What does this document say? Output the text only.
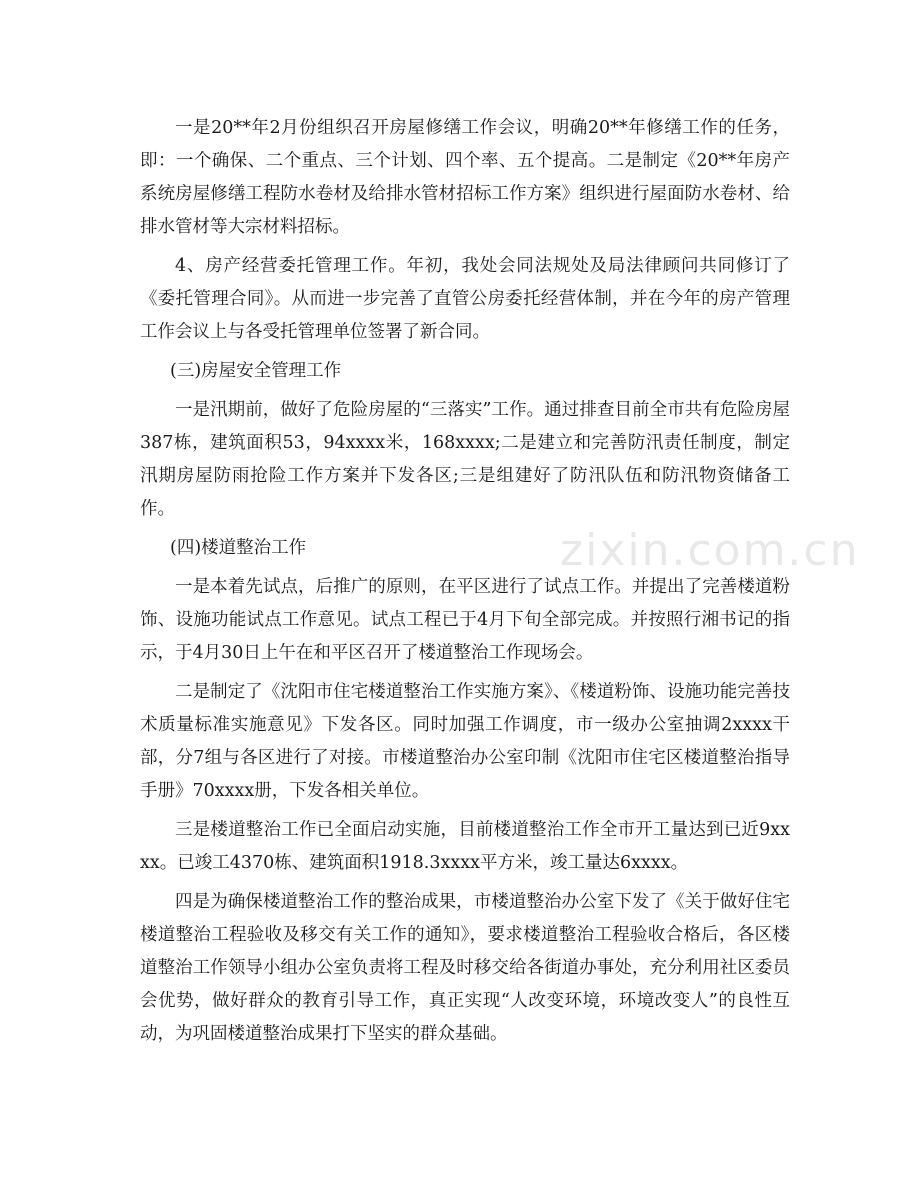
一是20**年2月份组织召开房屋修缮工作会议，明确20**年修缮工作的任务，即：一个确保、二个重点、三个计划、四个率、五个提高。二是制定《20**年房产系统房屋修缮工程防水卷材及给排水管材招标工作方案》组织进行屋面防水卷材、给排水管材等大宗材料招标。

4、房产经营委托管理工作。年初，我处会同法规处及局法律顾问共同修订了《委托管理合同》。从而进一步完善了直管公房委托经营体制，并在今年的房产管理工作会议上与各受托管理单位签署了新合同。

(三)房屋安全管理工作

一是汛期前，做好了危险房屋的“三落实”工作。通过排查目前全市共有危险房屋387栋，建筑面积53，94xxxx米，168xxxx;二是建立和完善防汛责任制度，制定汛期房屋防雨抢险工作方案并下发各区;三是组建好了防汛队伍和防汛物资储备工作。

(四)楼道整治工作

一是本着先试点，后推广的原则，在平区进行了试点工作。并提出了完善楼道粉饰、设施功能试点工作意见。试点工程已于4月下旬全部完成。并按照行湘书记的指示，于4月30日上午在和平区召开了楼道整治工作现场会。

二是制定了《沈阳市住宅楼道整治工作实施方案》、《楼道粉饰、设施功能完善技术质量标准实施意见》下发各区。同时加强工作调度，市一级办公室抽调2xxxx干部，分7组与各区进行了对接。市楼道整治办公室印制《沈阳市住宅区楼道整治指导手册》70xxxx册，下发各相关单位。

三是楼道整治工作已全面启动实施，目前楼道整治工作全市开工量达到已近9xxxx。已竣工4370栋、建筑面积1918.3xxxx平方米，竣工量达6xxxx。

四是为确保楼道整治工作的整治成果，市楼道整治办公室下发了《关于做好住宅楼道整治工程验收及移交有关工作的通知》，要求楼道整治工程验收合格后，各区楼道整治工作领导小组办公室负责将工程及时移交给各街道办事处，充分利用社区委员会优势，做好群众的教育引导工作，真正实现“人改变环境，环境改变人”的良性互动，为巩固楼道整治成果打下坚实的群众基础。

zixin.com.cn
